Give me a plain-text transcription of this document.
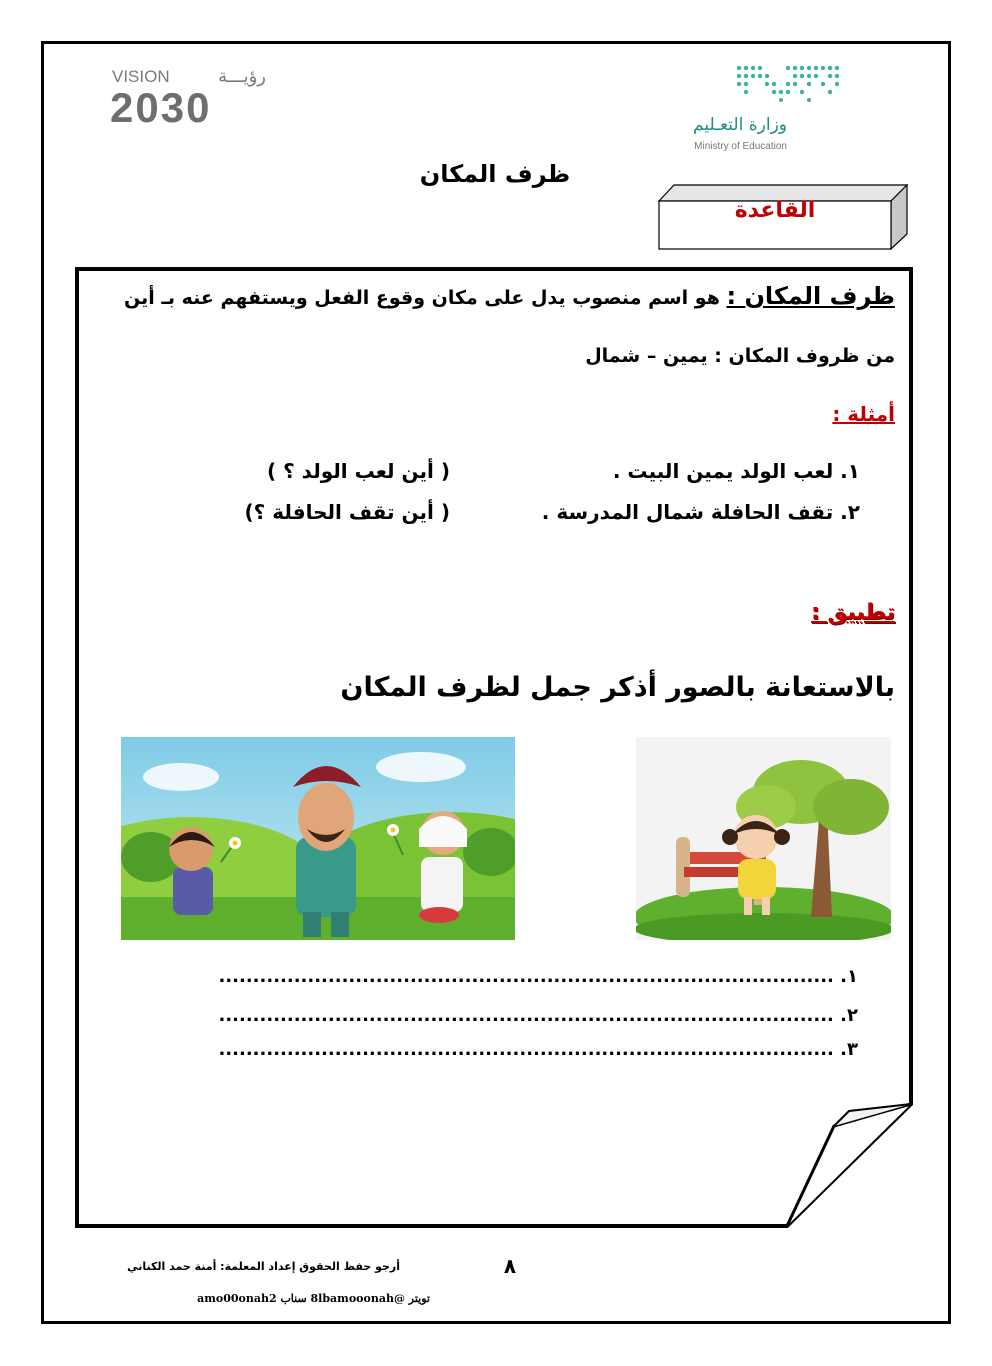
VISION	رؤيـــة
2030	وزارة التعـليم
Ministry of Education
ظرف المكان
القاعدة
ظرف المكان : هو اسم منصوب يدل على مكان وقوع الفعل ويستفهم عنه بـ أين
من ظروف المكان : يمين – شمال
أمثلة :
١. لعب الولد يمين البيت .
( أين لعب الولد ؟ )
٢. تقف الحافلة شمال المدرسة .
( أين تقف الحافلة ؟)
تطبيق :
بالاستعانة بالصور أذكر جمل لظرف المكان
١. ..........................................................................................
٢. ..........................................................................................
٣. ..........................................................................................
أرجو حفظ الحقوق إعداد المعلمة: أمنة حمد الكناني	٨
تويتر @8lbamooonah سناب amo00onah2
